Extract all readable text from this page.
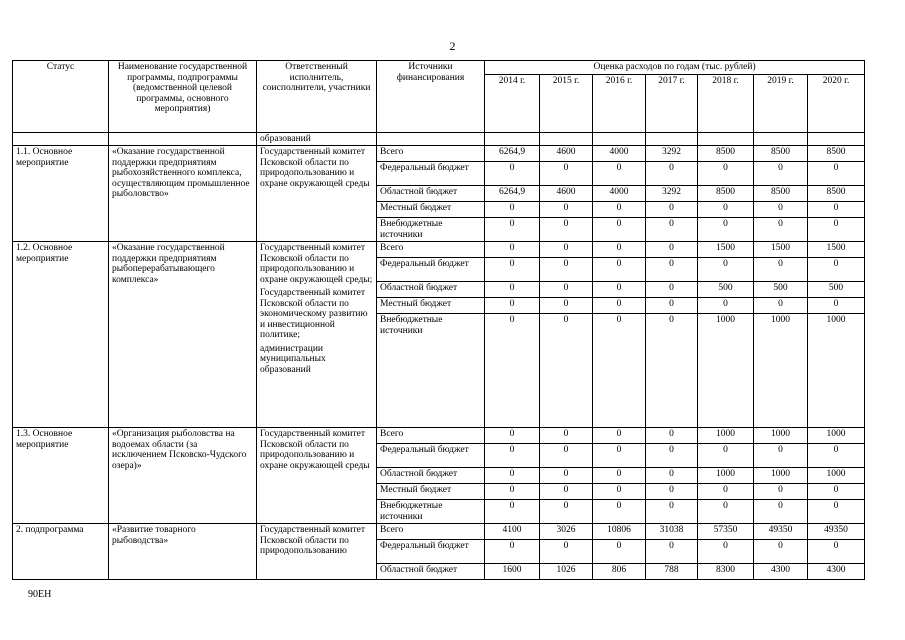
2
Статус	Наименование государственной программы, подпрограммы (ведомственной целевой программы, основного мероприятия)	Ответственный исполнитель, соисполнители, участники	Источники финансирования	Оценка расходов по годам (тыс. рублей)						
				2014 г.	2015 г.	2016 г.	2017 г.	2018 г.	2019 г.	2020 г.
		образований								
1.1. Основное мероприятие	«Оказание государственной поддержки предприятиям рыбохозяйственного комплекса, осуществляющим промышленное рыболовство»	Государственный комитет Псковской области по природопользованию и охране окружающей среды	Всего	6264,9	4600	4000	3292	8500	8500	8500
			Федеральный бюджет	0	0	0	0	0	0	0
			Областной бюджет	6264,9	4600	4000	3292	8500	8500	8500
			Местный бюджет	0	0	0	0	0	0	0
			Внебюджетные источники	0	0	0	0	0	0	0
1.2. Основное мероприятие	«Оказание государственной поддержки предприятиям рыбоперерабатывающего комплекса»	Государственный комитет Псковской области по природопользованию и охране окружающей среды;
Государственный комитет Псковской области по экономическому развитию и инвестиционной политике;
администрации муниципальных образований	Всего	0	0	0	0	1500	1500	1500
			Федеральный бюджет	0	0	0	0	0	0	0
			Областной бюджет	0	0	0	0	500	500	500
			Местный бюджет	0	0	0	0	0	0	0
			Внебюджетные источники	0	0	0	0	1000	1000	1000
1.3. Основное мероприятие	«Организация рыболовства на водоемах области (за исключением Псковско-Чудского озера)»	Государственный комитет Псковской области по природопользованию и охране окружающей среды	Всего	0	0	0	0	1000	1000	1000
			Федеральный бюджет	0	0	0	0	0	0	0
			Областной бюджет	0	0	0	0	1000	1000	1000
			Местный бюджет	0	0	0	0	0	0	0
			Внебюджетные источники	0	0	0	0	0	0	0
2. подпрограмма	«Развитие товарного рыбоводства»	Государственный комитет Псковской области по природопользованию	Всего	4100	3026	10806	31038	57350	49350	49350
			Федеральный бюджет	0	0	0	0	0	0	0
			Областной бюджет	1600	1026	806	788	8300	4300	4300
90ЕН
